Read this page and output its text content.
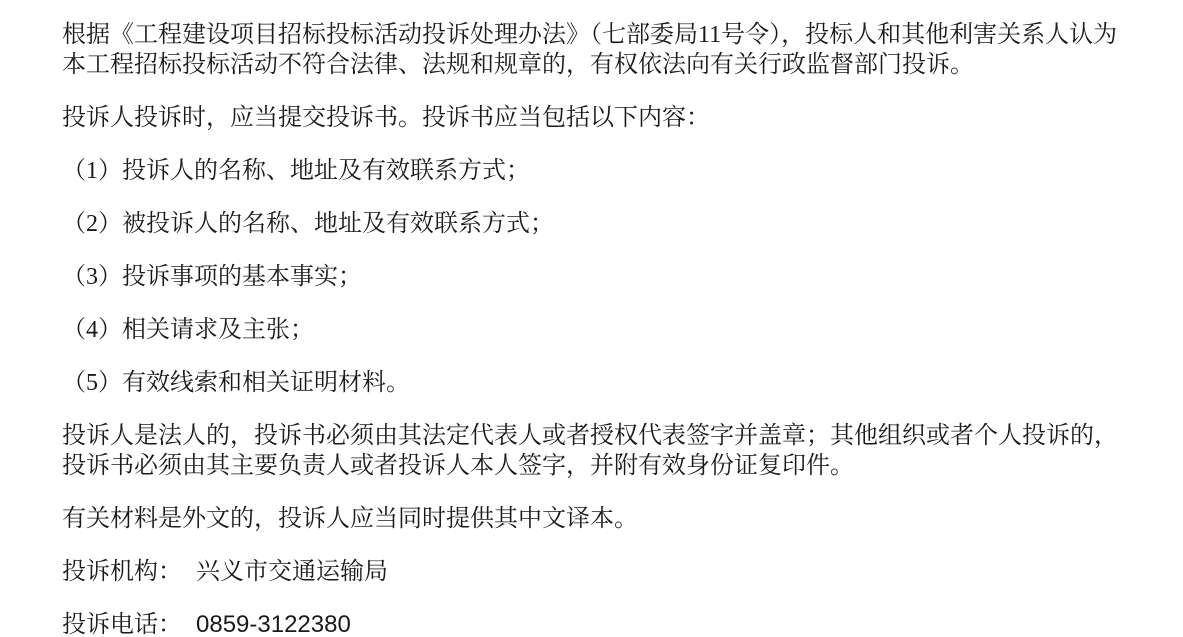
根据《工程建设项目招标投标活动投诉处理办法》（七部委局11号令），投标人和其他利害关系人认为本工程招标投标活动不符合法律、法规和规章的，有权依法向有关行政监督部门投诉。

投诉人投诉时，应当提交投诉书。投诉书应当包括以下内容：

（1）投诉人的名称、地址及有效联系方式；

（2）被投诉人的名称、地址及有效联系方式；

（3）投诉事项的基本事实；

（4）相关请求及主张；

（5）有效线索和相关证明材料。

投诉人是法人的，投诉书必须由其法定代表人或者授权代表签字并盖章；其他组织或者个人投诉的，投诉书必须由其主要负责人或者投诉人本人签字，并附有效身份证复印件。

有关材料是外文的，投诉人应当同时提供其中文译本。

投诉机构： 兴义市交通运输局

投诉电话： 0859-3122380
